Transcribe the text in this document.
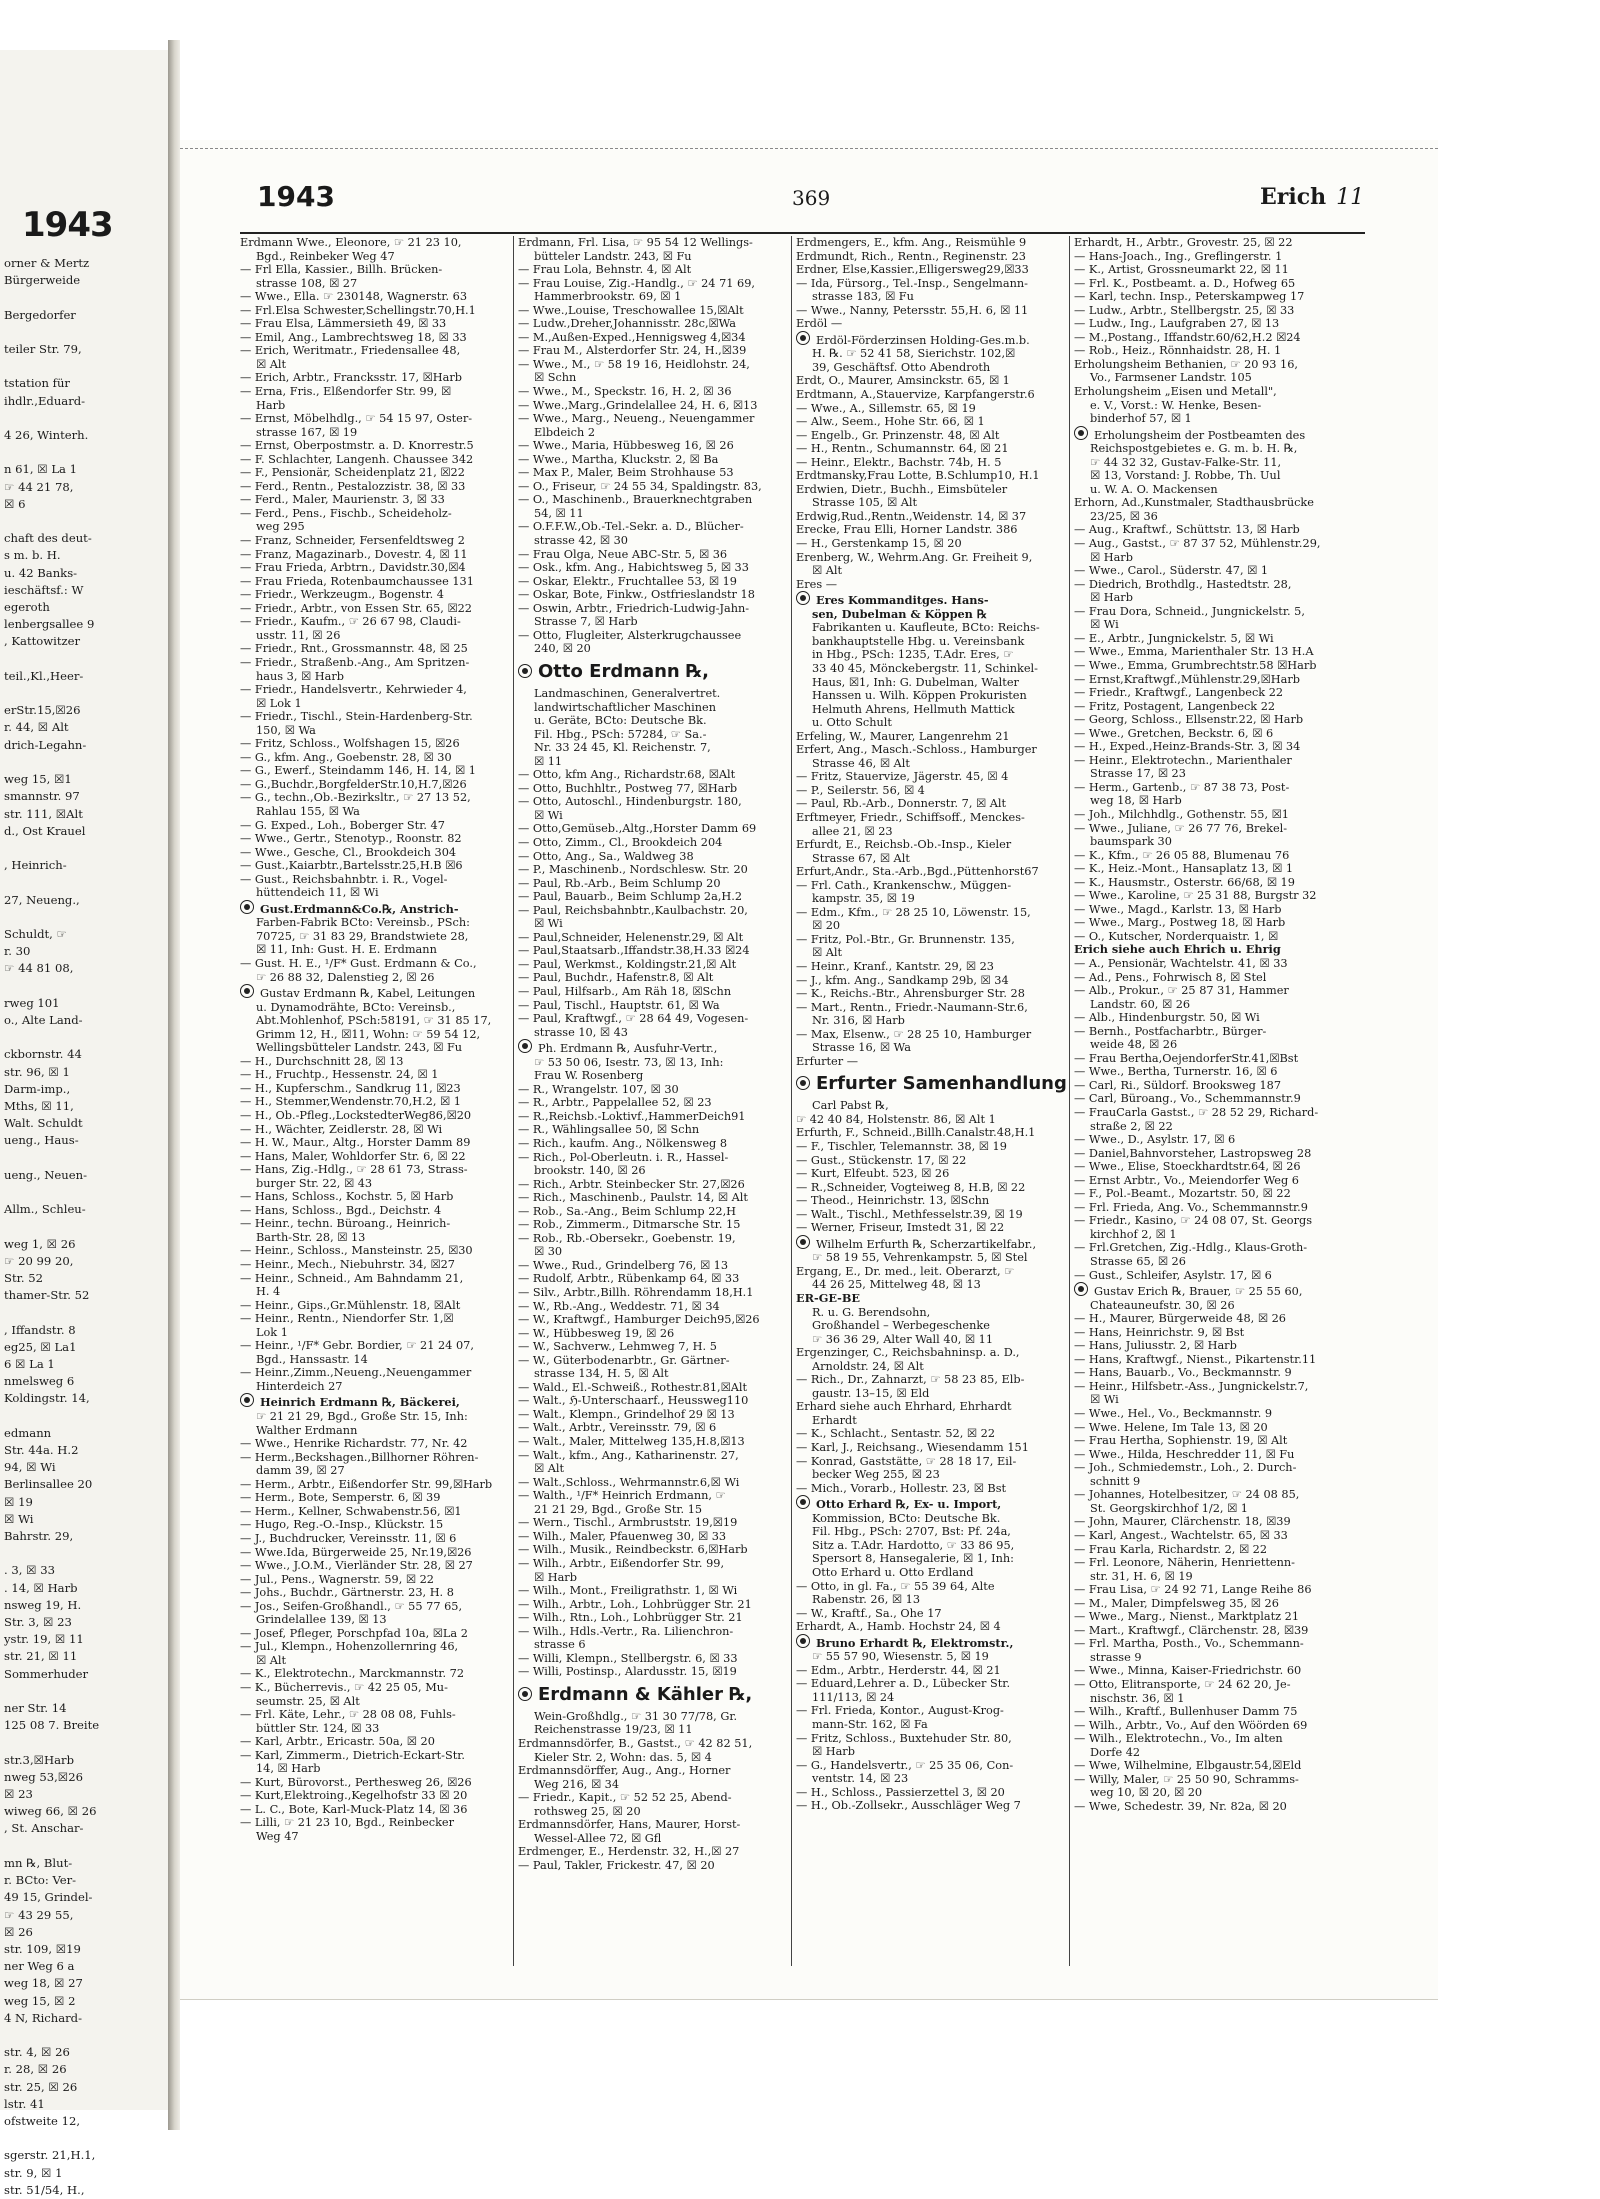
1943
orner & Mertz
Bürgerweide

Bergedorfer

teiler Str. 79,

tstation für
ihdlr.,Eduard-

4 26, Winterh.

n 61, ☒ La 1
☞ 44 21 78,
☒ 6

chaft des deut-
s m. b. H.
u. 42 Banks-
ieschäftsf.: W
egeroth
lenbergsallee 9
, Kattowitzer

teil.,Kl.,Heer-

erStr.15,☒26
r. 44, ☒ Alt
drich-Legahn-

weg 15, ☒1
smannstr. 97
str. 111, ☒Alt
d., Ost Krauel

, Heinrich-

27, Neueng.,

Schuldt, ☞
r. 30
☞ 44 81 08,

rweg 101
o., Alte Land-

ckbornstr. 44
str. 96, ☒ 1
Darm-imp.,
Mths, ☒ 11,
Walt. Schuldt
ueng., Haus-

ueng., Neuen-

Allm., Schleu-

weg 1, ☒ 26
☞ 20 99 20,
Str. 52
thamer-Str. 52

, Iffandstr. 8
eg25, ☒ La1
6 ☒ La 1
nmelsweg 6
Koldingstr. 14,

edmann
Str. 44a. H.2
94, ☒ Wi
Berlinsallee 20
☒ 19
☒ Wi
Bahrstr. 29,

. 3, ☒ 33
. 14, ☒ Harb
nsweg 19, H.
Str. 3, ☒ 23
ystr. 19, ☒ 11
str. 21, ☒ 11
Sommerhuder

ner Str. 14
125 08 7. Breite

str.3,☒Harb
nweg 53,☒26
☒ 23
wiweg 66, ☒ 26
, St. Anschar-

mn ℞, Blut-
r. BCto: Ver-
49 15, Grindel-
☞ 43 29 55,
☒ 26
str. 109, ☒19
ner Weg 6 a
weg 18, ☒ 27
weg 15, ☒ 2
4 N, Richard-

str. 4, ☒ 26
r. 28, ☒ 26
str. 25, ☒ 26
lstr. 41
ofstweite 12,

sgerstr. 21,H.1,
str. 9, ☒ 1
str. 51/54, H.,
1943	369	Erich 11
Erdmann Wwe., Eleonore, ☞ 21 23 10,
Bgd., Reinbeker Weg 47
— Frl Ella, Kassier., Billh. Brücken-
strasse 108, ☒ 27
— Wwe., Ella. ☞ 230148, Wagnerstr. 63
— Frl.Elsa Schwester,Schellingstr.70,H.1
— Frau Elsa, Lämmersieth 49, ☒ 33
— Emil, Ang., Lambrechtsweg 18, ☒ 33
— Erich, Weritmatr., Friedensallee 48,
☒ Alt
— Erich, Arbtr., Francksstr. 17, ☒Harb
— Erna, Fris., Elßendorfer Str. 99, ☒
Harb
— Ernst, Möbelhdlg., ☞ 54 15 97, Oster-
strasse 167, ☒ 19
— Ernst, Oberpostmstr. a. D. Knorrestr.5
— F. Schlachter, Langenh. Chaussee 342
— F., Pensionär, Scheidenplatz 21, ☒22
— Ferd., Rentn., Pestalozzistr. 38, ☒ 33
— Ferd., Maler, Maurienstr. 3, ☒ 33
— Ferd., Pens., Fischb., Scheideholz-
weg 295
— Franz, Schneider, Fersenfeldtsweg 2
— Franz, Magazinarb., Dovestr. 4, ☒ 11
— Frau Frieda, Arbtrn., Davidstr.30,☒4
— Frau Frieda, Rotenbaumchaussee 131
— Friedr., Werkzeugm., Bogenstr. 4
— Friedr., Arbtr., von Essen Str. 65, ☒22
— Friedr., Kaufm., ☞ 26 67 98, Claudi-
usstr. 11, ☒ 26
— Friedr., Rnt., Grossmannstr. 48, ☒ 25
— Friedr., Straßenb.-Ang., Am Spritzen-
haus 3, ☒ Harb
— Friedr., Handelsvertr., Kehrwieder 4,
☒ Lok 1
— Friedr., Tischl., Stein-Hardenberg-Str.
150, ☒ Wa
— Fritz, Schloss., Wolfshagen 15, ☒26
— G., kfm. Ang., Goebenstr. 28, ☒ 30
— G., Ewerf., Steindamm 146, H. 14, ☒ 1
— G.,Buchdr.,BorgfelderStr.10,H.7,☒26
— G., techn.,Ob.-Bezirksltr., ☞ 27 13 52,
Rahlau 155, ☒ Wa
— G. Exped., Loh., Boberger Str. 47
— Wwe., Gertr., Stenotyp., Roonstr. 82
— Wwe., Gesche, Cl., Brookdeich 304
— Gust.,Kaiarbtr.,Bartelsstr.25,H.B ☒6
— Gust., Reichsbahnbtr. i. R., Vogel-
hüttendeich 11, ☒ Wi
Gust.Erdmann&Co.℞, Anstrich-
Farben-Fabrik BCto: Vereinsb., PSch:
70725, ☞ 31 83 29, Brandstwiete 28,
☒ 11, Inh: Gust. H. E. Erdmann
— Gust. H. E., ¹/F* Gust. Erdmann & Co.,
☞ 26 88 32, Dalenstieg 2, ☒ 26
Gustav Erdmann ℞, Kabel, Leitungen
u. Dynamodrähte, BCto: Vereinsb.,
Abt.Mohlenhof, PSch:58191, ☞ 31 85 17,
Grimm 12, H., ☒11, Wohn: ☞ 59 54 12,
Wellingsbütteler Landstr. 243, ☒ Fu
— H., Durchschnitt 28, ☒ 13
— H., Fruchtp., Hessenstr. 24, ☒ 1
— H., Kupferschm., Sandkrug 11, ☒23
— H., Stemmer,Wendenstr.70,H.2, ☒ 1
— H., Ob.-Pfleg.,LockstedterWeg86,☒20
— H., Wächter, Zeidlerstr. 28, ☒ Wi
— H. W., Maur., Altg., Horster Damm 89
— Hans, Maler, Wohldorfer Str. 6, ☒ 22
— Hans, Zig.-Hdlg., ☞ 28 61 73, Strass-
burger Str. 22, ☒ 43
— Hans, Schloss., Kochstr. 5, ☒ Harb
— Hans, Schloss., Bgd., Deichstr. 4
— Heinr., techn. Büroang., Heinrich-
Barth-Str. 28, ☒ 13
— Heinr., Schloss., Mansteinstr. 25, ☒30
— Heinr., Mech., Niebuhrstr. 34, ☒27
— Heinr., Schneid., Am Bahndamm 21,
H. 4
— Heinr., Gips.,Gr.Mühlenstr. 18, ☒Alt
— Heinr., Rentn., Niendorfer Str. 1,☒
Lok 1
— Heinr., ¹/F* Gebr. Bordier, ☞ 21 24 07,
Bgd., Hanssastr. 14
— Heinr.,Zimm.,Neueng.,Neuengammer
Hinterdeich 27
Heinrich Erdmann ℞, Bäckerei,
☞ 21 21 29, Bgd., Große Str. 15, Inh:
Walther Erdmann
— Wwe., Henrike Richardstr. 77, Nr. 42
— Herm.,Beckshagen.,Billhorner Röhren-
damm 39, ☒ 27
— Herm., Arbtr., Eißendorfer Str. 99,☒Harb
— Herm., Bote, Semperstr. 6, ☒ 39
— Herm., Kellner, Schwabenstr.56, ☒1
— Hugo, Reg.-O.-Insp., Klückstr. 15
— J., Buchdrucker, Vereinsstr. 11, ☒ 6
— Wwe.Ida, Bürgerweide 25, Nr.19,☒26
— Wwe., J.O.M., Vierländer Str. 28, ☒ 27
— Jul., Pens., Wagnerstr. 59, ☒ 22
— Johs., Buchdr., Gärtnerstr. 23, H. 8
— Jos., Seifen-Großhandl., ☞ 55 77 65,
Grindelallee 139, ☒ 13
— Josef, Pfleger, Porschpfad 10a, ☒La 2
— Jul., Klempn., Hohenzollernring 46,
☒ Alt
— K., Elektrotechn., Marckmannstr. 72
— K., Bücherrevis., ☞ 42 25 05, Mu-
seumstr. 25, ☒ Alt
— Frl. Käte, Lehr., ☞ 28 08 08, Fuhls-
büttler Str. 124, ☒ 33
— Karl, Arbtr., Ericastr. 50a, ☒ 20
— Karl, Zimmerm., Dietrich-Eckart-Str.
14, ☒ Harb
— Kurt, Bürovorst., Perthesweg 26, ☒26
— Kurt,Elektroing.,Kegelhofstr 33 ☒ 20
— L. C., Bote, Karl-Muck-Platz 14, ☒ 36
— Lilli, ☞ 21 23 10, Bgd., Reinbecker
Weg 47
Erdmann, Frl. Lisa, ☞ 95 54 12 Wellings-
bütteler Landstr. 243, ☒ Fu
— Frau Lola, Behnstr. 4, ☒ Alt
— Frau Louise, Zig.-Handlg., ☞ 24 71 69,
Hammerbrookstr. 69, ☒ 1
— Wwe.,Louise, Treschowallee 15,☒Alt
— Ludw.,Dreher,Johannisstr. 28c,☒Wa
— M.,Außen-Exped.,Hennigsweg 4,☒34
— Frau M., Alsterdorfer Str. 24, H.,☒39
— Wwe., M., ☞ 58 19 16, Heidlohstr. 24,
☒ Schn
— Wwe., M., Speckstr. 16, H. 2, ☒ 36
— Wwe.,Marg.,Grindelallee 24, H. 6, ☒13
— Wwe., Marg., Neueng., Neuengammer
Elbdeich 2
— Wwe., Maria, Hübbesweg 16, ☒ 26
— Wwe., Martha, Kluckstr. 2, ☒ Ba
— Max P., Maler, Beim Strohhause 53
— O., Friseur, ☞ 24 55 34, Spaldingstr. 83,
— O., Maschinenb., Brauerknechtgraben
54, ☒ 11
— O.F.F.W.,Ob.-Tel.-Sekr. a. D., Blücher-
strasse 42, ☒ 30
— Frau Olga, Neue ABC-Str. 5, ☒ 36
— Osk., kfm. Ang., Habichtsweg 5, ☒ 33
— Oskar, Elektr., Fruchtallee 53, ☒ 19
— Oskar, Bote, Finkw., Ostfrieslandstr 18
— Oswin, Arbtr., Friedrich-Ludwig-Jahn-
Strasse 7, ☒ Harb
— Otto, Flugleiter, Alsterkrugchaussee
240, ☒ 20
Otto Erdmann ℞,
Landmaschinen, Generalvertret.
landwirtschaftlicher Maschinen
u. Geräte, BCto: Deutsche Bk.
Fil. Hbg., PSch: 57284, ☞ Sa.-
Nr. 33 24 45, Kl. Reichenstr. 7,
☒ 11
— Otto, kfm Ang., Richardstr.68, ☒Alt
— Otto, Buchhltr., Postweg 77, ☒Harb
— Otto, Autoschl., Hindenburgstr. 180,
☒ Wi
— Otto,Gemüseb.,Altg.,Horster Damm 69
— Otto, Zimm., Cl., Brookdeich 204
— Otto, Ang., Sa., Waldweg 38
— P., Maschinenb., Nordschlesw. Str. 20
— Paul, Rb.-Arb., Beim Schlump 20
— Paul, Bauarb., Beim Schlump 2a,H.2
— Paul, Reichsbahnbtr.,Kaulbachstr. 20,
☒ Wi
— Paul,Schneider, Helenenstr.29, ☒ Alt
— Paul,Staatsarb.,Iffandstr.38,H.33 ☒24
— Paul, Werkmst., Koldingstr.21,☒ Alt
— Paul, Buchdr., Hafenstr.8, ☒ Alt
— Paul, Hilfsarb., Am Räh 18, ☒Schn
— Paul, Tischl., Hauptstr. 61, ☒ Wa
— Paul, Kraftwgf., ☞ 28 64 49, Vogesen-
strasse 10, ☒ 43
Ph. Erdmann ℞, Ausfuhr-Vertr.,
☞ 53 50 06, Isestr. 73, ☒ 13, Inh:
Frau W. Rosenberg
— R., Wrangelstr. 107, ☒ 30
— R., Arbtr., Pappelallee 52, ☒ 23
— R.,Reichsb.-Loktivf.,HammerDeich91
— R., Wählingsallee 50, ☒ Schn
— Rich., kaufm. Ang., Nölkensweg 8
— Rich., Pol-Oberleutn. i. R., Hassel-
brookstr. 140, ☒ 26
— Rich., Arbtr. Steinbecker Str. 27,☒26
— Rich., Maschinenb., Paulstr. 14, ☒ Alt
— Rob., Sa.-Ang., Beim Schlump 22,H
— Rob., Zimmerm., Ditmarsche Str. 15
— Rob., Rb.-Obersekr., Goebenstr. 19,
☒ 30
— Wwe., Rud., Grindelberg 76, ☒ 13
— Rudolf, Arbtr., Rübenkamp 64, ☒ 33
— Silv., Arbtr.,Billh. Röhrendamm 18,H.1
— W., Rb.-Ang., Weddestr. 71, ☒ 34
— W., Kraftwgf., Hamburger Deich95,☒26
— W., Hübbesweg 19, ☒ 26
— W., Sachverw., Lehmweg 7, H. 5
— W., Güterbodenarbtr., Gr. Gärtner-
strasse 134, H. 5, ☒ Alt
— Wald., El.-Schweiß., Rothestr.81,☒Alt
— Walt., ℌ-Unterschaarf., Heussweg110
— Walt., Klempn., Grindelhof 29 ☒ 13
— Walt., Arbtr., Vereinsstr. 79, ☒ 6
— Walt., Maler, Mittelweg 135,H.8,☒13
— Walt., kfm., Ang., Katharinenstr. 27,
☒ Alt
— Walt.,Schloss., Wehrmannstr.6,☒ Wi
— Walth., ¹/F* Heinrich Erdmann, ☞
21 21 29, Bgd., Große Str. 15
— Wern., Tischl., Armbruststr. 19,☒19
— Wilh., Maler, Pfauenweg 30, ☒ 33
— Wilh., Musik., Reindbeckstr. 6,☒Harb
— Wilh., Arbtr., Eißendorfer Str. 99,
☒ Harb
— Wilh., Mont., Freiligrathstr. 1, ☒ Wi
— Wilh., Arbtr., Loh., Lohbrügger Str. 21
— Wilh., Rtn., Loh., Lohbrügger Str. 21
— Wilh., Hdls.-Vertr., Ra. Lilienchron-
strasse 6
— Willi, Klempn., Stellbergstr. 6, ☒ 33
— Willi, Postinsp., Alardusstr. 15, ☒19
Erdmann & Kähler ℞,
Wein-Großhdlg., ☞ 31 30 77/78, Gr.
Reichenstrasse 19/23, ☒ 11
Erdmannsdörfer, B., Gastst., ☞ 42 82 51,
Kieler Str. 2, Wohn: das. 5, ☒ 4
Erdmannsdörffer, Aug., Ang., Horner
Weg 216, ☒ 34
— Friedr., Kapit., ☞ 52 52 25, Abend-
rothsweg 25, ☒ 20
Erdmannsdörfer, Hans, Maurer, Horst-
Wessel-Allee 72, ☒ Gfl
Erdmenger, E., Herdenstr. 32, H.,☒ 27
— Paul, Takler, Frickestr. 47, ☒ 20
Erdmengers, E., kfm. Ang., Reismühle 9
Erdmundt, Rich., Rentn., Reginenstr. 23
Erdner, Else,Kassier.,Elligersweg29,☒33
— Ida, Fürsorg., Tel.-Insp., Sengelmann-
strasse 183, ☒ Fu
— Wwe., Nanny, Petersstr. 55,H. 6, ☒ 11
Erdöl —
Erdöl-Förderzinsen Holding-Ges.m.b.
H. ℞. ☞ 52 41 58, Sierichstr. 102,☒
39, Geschäftsf. Otto Abendroth
Erdt, O., Maurer, Amsinckstr. 65, ☒ 1
Erdtmann, A.,Stauervize, Karpfangerstr.6
— Wwe., A., Sillemstr. 65, ☒ 19
— Alw., Seem., Hohe Str. 66, ☒ 1
— Engelb., Gr. Prinzenstr. 48, ☒ Alt
— H., Rentn., Schumannstr. 64, ☒ 21
— Heinr., Elektr., Bachstr. 74b, H. 5
Erdtmansky,Frau Lotte, B.Schlump10, H.1
Erdwien, Dietr., Buchh., Eimsbüteler
Strasse 105, ☒ Alt
Erdwig,Rud.,Rentn.,Weidenstr. 14, ☒ 37
Erecke, Frau Elli, Horner Landstr. 386
— H., Gerstenkamp 15, ☒ 20
Erenberg, W., Wehrm.Ang. Gr. Freiheit 9,
☒ Alt
Eres —
Eres Kommanditges. Hans-
sen, Dubelman & Köppen ℞
Fabrikanten u. Kaufleute, BCto: Reichs-
bankhauptstelle Hbg. u. Vereinsbank
in Hbg., PSch: 1235, T.Adr. Eres, ☞
33 40 45, Mönckebergstr. 11, Schinkel-
Haus, ☒1, Inh: G. Dubelman, Walter
Hanssen u. Wilh. Köppen Prokuristen
Helmuth Ahrens, Hellmuth Mattick
u. Otto Schult
Erfeling, W., Maurer, Langenrehm 21
Erfert, Ang., Masch.-Schloss., Hamburger
Strasse 46, ☒ Alt
— Fritz, Stauervize, Jägerstr. 45, ☒ 4
— P., Seilerstr. 56, ☒ 4
— Paul, Rb.-Arb., Donnerstr. 7, ☒ Alt
Erftmeyer, Friedr., Schiffsoff., Menckes-
allee 21, ☒ 23
Erfurdt, E., Reichsb.-Ob.-Insp., Kieler
Strasse 67, ☒ Alt
Erfurt,Andr., Sta.-Arb.,Bgd.,Püttenhorst67
— Frl. Cath., Krankenschw., Müggen-
kampstr. 35, ☒ 19
— Edm., Kfm., ☞ 28 25 10, Löwenstr. 15,
☒ 20
— Fritz, Pol.-Btr., Gr. Brunnenstr. 135,
☒ Alt
— Heinr., Kranf., Kantstr. 29, ☒ 23
— J., kfm. Ang., Sandkamp 29b, ☒ 34
— K., Reichs.-Btr., Ahrensburger Str. 28
— Mart., Rentn., Friedr.-Naumann-Str.6,
Nr. 316, ☒ Harb
— Max, Elsenw., ☞ 28 25 10, Hamburger
Strasse 16, ☒ Wa
Erfurter —
Erfurter Samenhandlung
Carl Pabst ℞,
☞ 42 40 84, Holstenstr. 86, ☒ Alt 1
Erfurth, F., Schneid.,Billh.Canalstr.48,H.1
— F., Tischler, Telemannstr. 38, ☒ 19
— Gust., Stückenstr. 17, ☒ 22
— Kurt, Elfeubt. 523, ☒ 26
— R.,Schneider, Vogteiweg 8, H.B, ☒ 22
— Theod., Heinrichstr. 13, ☒Schn
— Walt., Tischl., Methfesselstr.39, ☒ 19
— Werner, Friseur, Imstedt 31, ☒ 22
Wilhelm Erfurth ℞, Scherzartikelfabr.,
☞ 58 19 55, Vehrenkampstr. 5, ☒ Stel
Ergang, E., Dr. med., leit. Oberarzt, ☞
44 26 25, Mittelweg 48, ☒ 13
ER-GE-BE
R. u. G. Berendsohn,
Großhandel – Werbegeschenke
☞ 36 36 29, Alter Wall 40, ☒ 11
Ergenzinger, C., Reichsbahninsp. a. D.,
Arnoldstr. 24, ☒ Alt
— Rich., Dr., Zahnarzt, ☞ 58 23 85, Elb-
gaustr. 13–15, ☒ Eld
Erhard siehe auch Ehrhard, Ehrhardt
Erhardt
— K., Schlacht., Sentastr. 52, ☒ 22
— Karl, J., Reichsang., Wiesendamm 151
— Konrad, Gaststätte, ☞ 28 18 17, Eil-
becker Weg 255, ☒ 23
— Mich., Vorarb., Hollestr. 23, ☒ Bst
Otto Erhard ℞, Ex- u. Import,
Kommission, BCto: Deutsche Bk.
Fil. Hbg., PSch: 2707, Bst: Pf. 24a,
Sitz a. T.Adr. Hardotto, ☞ 33 86 95,
Spersort 8, Hansegalerie, ☒ 1, Inh:
Otto Erhard u. Otto Erdland
— Otto, in gl. Fa., ☞ 55 39 64, Alte
Rabenstr. 26, ☒ 13
— W., Kraftf., Sa., Ohe 17
Erhardt, A., Hamb. Hochstr 24, ☒ 4
Bruno Erhardt ℞, Elektromstr.,
☞ 55 57 90, Wiesenstr. 5, ☒ 19
— Edm., Arbtr., Herderstr. 44, ☒ 21
— Eduard,Lehrer a. D., Lübecker Str.
111/113, ☒ 24
— Frl. Frieda, Kontor., August-Krog-
mann-Str. 162, ☒ Fa
— Fritz, Schloss., Buxtehuder Str. 80,
☒ Harb
— G., Handelsvertr., ☞ 25 35 06, Con-
ventstr. 14, ☒ 23
— H., Schloss., Passierzettel 3, ☒ 20
— H., Ob.-Zollsekr., Ausschläger Weg 7
Erhardt, H., Arbtr., Grovestr. 25, ☒ 22
— Hans-Joach., Ing., Greflingerstr. 1
— K., Artist, Grossneumarkt 22, ☒ 11
— Frl. K., Postbeamt. a. D., Hofweg 65
— Karl, techn. Insp., Peterskampweg 17
— Ludw., Arbtr., Stellbergstr. 25, ☒ 33
— Ludw., Ing., Laufgraben 27, ☒ 13
— M.,Postang., Iffandstr.60/62,H.2 ☒24
— Rob., Heiz., Rönnhaidstr. 28, H. 1
Erholungsheim Bethanien, ☞ 20 93 16,
Vo., Farmsener Landstr. 105
Erholungsheim „Eisen und Metall",
e. V., Vorst.: W. Henke, Besen-
binderhof 57, ☒ 1
Erholungsheim der Postbeamten des
Reichspostgebietes e. G. m. b. H. ℞,
☞ 44 32 32, Gustav-Falke-Str. 11,
☒ 13, Vorstand: J. Robbe, Th. Uul
u. W. A. O. Mackensen
Erhorn, Ad.,Kunstmaler, Stadthausbrücke
23/25, ☒ 36
— Aug., Kraftwf., Schüttstr. 13, ☒ Harb
— Aug., Gastst., ☞ 87 37 52, Mühlenstr.29,
☒ Harb
— Wwe., Carol., Süderstr. 47, ☒ 1
— Diedrich, Brothdlg., Hastedtstr. 28,
☒ Harb
— Frau Dora, Schneid., Jungnickelstr. 5,
☒ Wi
— E., Arbtr., Jungnickelstr. 5, ☒ Wi
— Wwe., Emma, Marienthaler Str. 13 H.A
— Wwe., Emma, Grumbrechtstr.58 ☒Harb
— Ernst,Kraftwgf.,Mühlenstr.29,☒Harb
— Friedr., Kraftwgf., Langenbeck 22
— Fritz, Postagent, Langenbeck 22
— Georg, Schloss., Ellsenstr.22, ☒ Harb
— Wwe., Gretchen, Beckstr. 6, ☒ 6
— H., Exped.,Heinz-Brands-Str. 3, ☒ 34
— Heinr., Elektrotechn., Marienthaler
Strasse 17, ☒ 23
— Herm., Gartenb., ☞ 87 38 73, Post-
weg 18, ☒ Harb
— Joh., Milchhdlg., Gothenstr. 55, ☒1
— Wwe., Juliane, ☞ 26 77 76, Brekel-
baumspark 30
— K., Kfm., ☞ 26 05 88, Blumenau 76
— K., Heiz.-Mont., Hansaplatz 13, ☒ 1
— K., Hausmstr., Osterstr. 66/68, ☒ 19
— Wwe., Karoline, ☞ 25 31 88, Burgstr 32
— Wwe., Magd., Karlstr. 13, ☒ Harb
— Wwe., Marg., Postweg 18, ☒ Harb
— O., Kutscher, Norderquaistr. 1, ☒
Erich siehe auch Ehrich u. Ehrig
— A., Pensionär, Wachtelstr. 41, ☒ 33
— Ad., Pens., Fohrwisch 8, ☒ Stel
— Alb., Prokur., ☞ 25 87 31, Hammer
Landstr. 60, ☒ 26
— Alb., Hindenburgstr. 50, ☒ Wi
— Bernh., Postfacharbtr., Bürger-
weide 48, ☒ 26
— Frau Bertha,OejendorferStr.41,☒Bst
— Wwe., Bertha, Turnerstr. 16, ☒ 6
— Carl, Ri., Süldorf. Brooksweg 187
— Carl, Büroang., Vo., Schemmannstr.9
— FrauCarla Gastst., ☞ 28 52 29, Richard-
straße 2, ☒ 22
— Wwe., D., Asylstr. 17, ☒ 6
— Daniel,Bahnvorsteher, Lastropsweg 28
— Wwe., Elise, Stoeckhardtstr.64, ☒ 26
— Ernst Arbtr., Vo., Meiendorfer Weg 6
— F., Pol.-Beamt., Mozartstr. 50, ☒ 22
— Frl. Frieda, Ang. Vo., Schemmannstr.9
— Friedr., Kasino, ☞ 24 08 07, St. Georgs
kirchhof 2, ☒ 1
— Frl.Gretchen, Zig.-Hdlg., Klaus-Groth-
Strasse 65, ☒ 26
— Gust., Schleifer, Asylstr. 17, ☒ 6
Gustav Erich ℞, Brauer, ☞ 25 55 60,
Chateauneufstr. 30, ☒ 26
— H., Maurer, Bürgerweide 48, ☒ 26
— Hans, Heinrichstr. 9, ☒ Bst
— Hans, Juliusstr. 2, ☒ Harb
— Hans, Kraftwgf., Nienst., Pikartenstr.11
— Hans, Bauarb., Vo., Beckmannstr. 9
— Heinr., Hilfsbetr.-Ass., Jungnickelstr.7,
☒ Wi
— Wwe., Hel., Vo., Beckmannstr. 9
— Wwe. Helene, Im Tale 13, ☒ 20
— Frau Hertha, Sophienstr. 19, ☒ Alt
— Wwe., Hilda, Heschredder 11, ☒ Fu
— Joh., Schmiedemstr., Loh., 2. Durch-
schnitt 9
— Johannes, Hotelbesitzer, ☞ 24 08 85,
St. Georgskirchhof 1/2, ☒ 1
— John, Maurer, Clärchenstr. 18, ☒39
— Karl, Angest., Wachtelstr. 65, ☒ 33
— Frau Karla, Richardstr. 2, ☒ 22
— Frl. Leonore, Näherin, Henriettenn-
str. 31, H. 6, ☒ 19
— Frau Lisa, ☞ 24 92 71, Lange Reihe 86
— M., Maler, Dimpfelsweg 35, ☒ 26
— Wwe., Marg., Nienst., Marktplatz 21
— Mart., Kraftwgf., Clärchenstr. 28, ☒39
— Frl. Martha, Posth., Vo., Schemmann-
strasse 9
— Wwe., Minna, Kaiser-Friedrichstr. 60
— Otto, Elitransporte, ☞ 24 62 20, Je-
nischstr. 36, ☒ 1
— Wilh., Kraftf., Bullenhuser Damm 75
— Wilh., Arbtr., Vo., Auf den Wöörden 69
— Wilh., Elektrotechn., Vo., Im alten
Dorfe 42
— Wwe, Wilhelmine, Elbgaustr.54,☒Eld
— Willy, Maler, ☞ 25 50 90, Schramms-
weg 10, ☒ 20, ☒ 20
— Wwe, Schedestr. 39, Nr. 82a, ☒ 20
